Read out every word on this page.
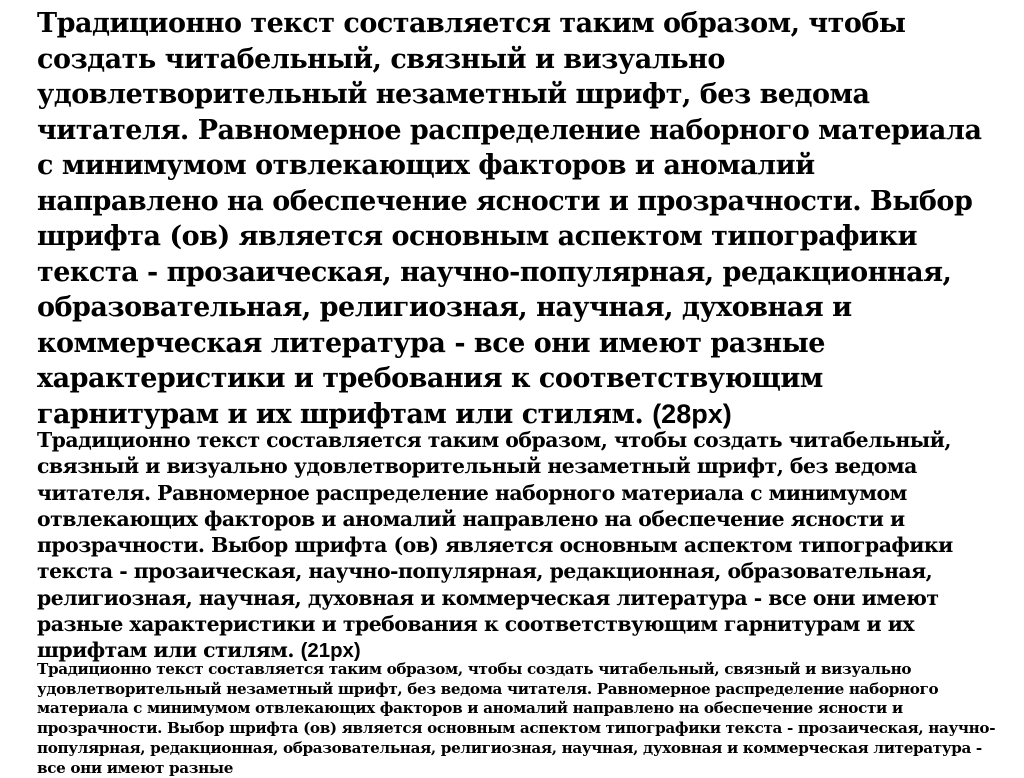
Традиционно текст составляется таким образом, чтобы создать читабельный, связный и визуально удовлетворительный незаметный шрифт, без ведома читателя. Равномерное распределение наборного материала с минимумом отвлекающих факторов и аномалий направлено на обеспечение ясности и прозрачности. Выбор шрифта (ов) является основным аспектом типографики текста - прозаическая, научно-популярная, редакционная, образовательная, религиозная, научная, духовная и коммерческая литература - все они имеют разные характеристики и требования к соответствующим гарнитурам и их шрифтам или стилям. (28px)

Традиционно текст составляется таким образом, чтобы создать читабельный, связный и визуально удовлетворительный незаметный шрифт, без ведома читателя. Равномерное распределение наборного материала с минимумом отвлекающих факторов и аномалий направлено на обеспечение ясности и прозрачности. Выбор шрифта (ов) является основным аспектом типографики текста - прозаическая, научно-популярная, редакционная, образовательная, религиозная, научная, духовная и коммерческая литература - все они имеют разные характеристики и требования к соответствующим гарнитурам и их шрифтам или стилям. (21px)

Традиционно текст составляется таким образом, чтобы создать читабельный, связный и визуально удовлетворительный незаметный шрифт, без ведома читателя. Равномерное распределение наборного материала с минимумом отвлекающих факторов и аномалий направлено на обеспечение ясности и прозрачности. Выбор шрифта (ов) является основным аспектом типографики текста - прозаическая, научно-популярная, редакционная, образовательная, религиозная, научная, духовная и коммерческая литература - все они имеют разные
